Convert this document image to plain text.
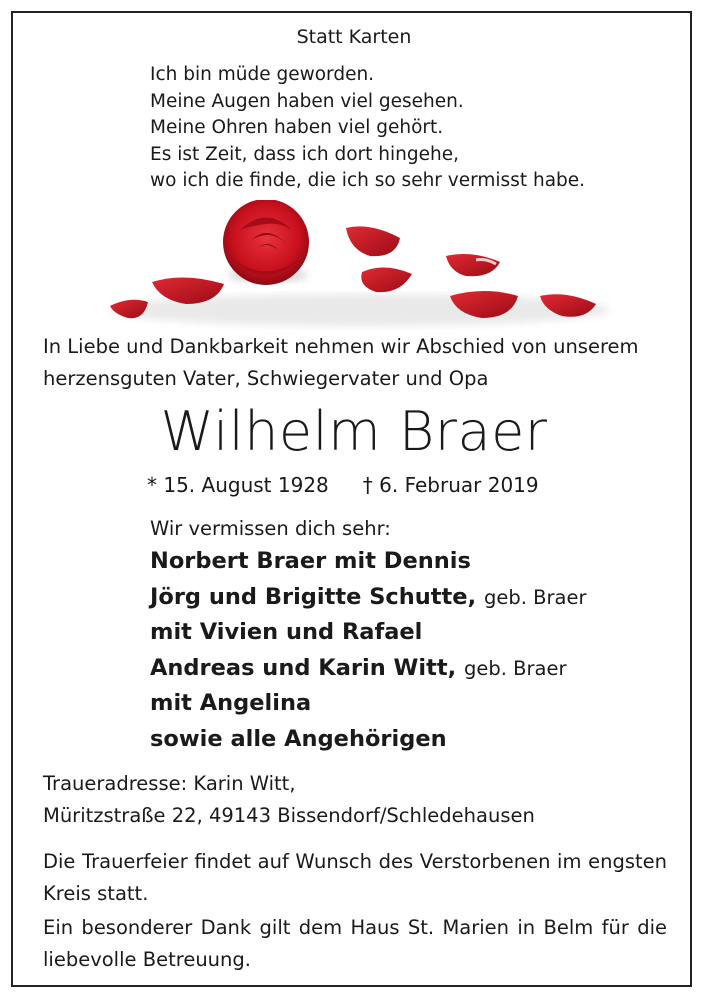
Statt Karten
Ich bin müde geworden.
Meine Augen haben viel gesehen.
Meine Ohren haben viel gehört.
Es ist Zeit, dass ich dort hingehe,
wo ich die finde, die ich so sehr vermisst habe.
In Liebe und Dankbarkeit nehmen wir Abschied von unserem
herzensguten Vater, Schwiegervater und Opa
Wilhelm Braer
* 15. August 1928 † 6. Februar 2019
Wir vermissen dich sehr:
Norbert Braer mit Dennis
Jörg und Brigitte Schutte, geb. Braer
mit Vivien und Rafael
Andreas und Karin Witt, geb. Braer
mit Angelina
sowie alle Angehörigen
Traueradresse: Karin Witt,
Müritzstraße 22, 49143 Bissendorf/Schledehausen
Die Trauerfeier findet auf Wunsch des Verstorbenen im engsten Kreis statt.
Ein besonderer Dank gilt dem Haus St. Marien in Belm für die liebevolle Betreuung.
